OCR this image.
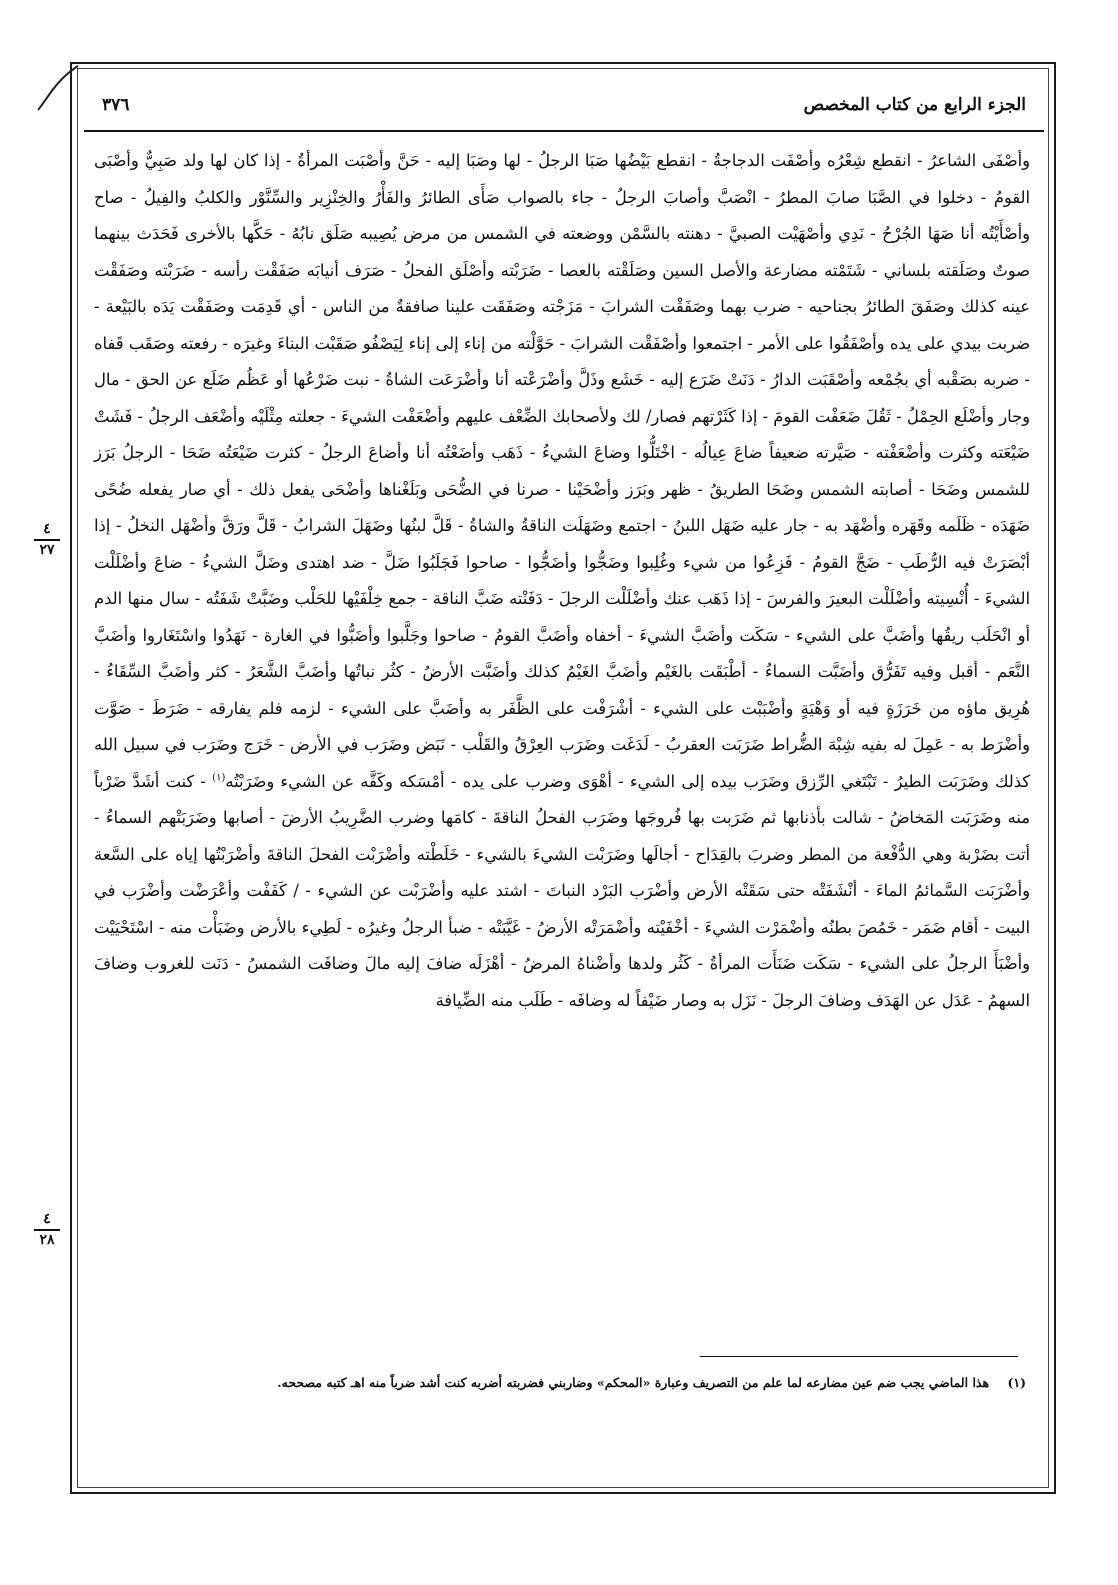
٣٧٦	الجزء الرابع من كتاب المخصص

وأصْفَى الشاعرُ - انقطع شِعْرُه وأصْفَت الدجاجةُ - انقطع بَيْضُها صَبَا الرجلُ - لها وصَبَا إليه - حَنَّ وأصْبَت المرأةُ - إذا كان لها ولد صَبِيٌّ وأصْبَى القومُ - دخلوا في الصَّبَا صابَ المطرُ - انْصَبَّ وأصابَ الرجلُ - جاء بالصواب صَأَى الطائرُ والفَأْرُ والخِنْزِير والسِّنَّوْر والكلبُ والفِيلُ - صاح وأصْأَيْتُه أنا صَهَا الجُرْحُ - نَدِي وأصْهَيْت الصبيَّ - دهنته بالسَّمْن ووضعته في الشمس من مرض يُصِيبه صَلَق نابُهُ - حَكَّها بالأخرى فَحَدَث بينهما صوتٌ وصَلَقته بلساني - شَتَمْته مضارعة والأصل السين وصَلَقْته بالعصا - ضَرَبْته وأصْلَق الفحلُ - صَرَف أنيابَه صَفَقْت رأسه - ضَرَبْته وصَفَقْت عينه كذلك وصَفَقَ الطائرُ بجناحيه - ضرب بهما وصَفَقْت الشرابَ - مَزَجْته وصَفَقَت علينا صافقةٌ من الناس - أي قَدِمَت وصَفَقْت يَدَه بالبَيْعة - ضربت بيدي على يده وأصْفَقُوا على الأمر - اجتمعوا وأصْفَقْت الشرابَ - حَوَّلْته من إناء إلى إناء لِيَصْفُو صَقَبْت البناءَ وغيرَه - رفعته وصَقَب قَفاه - ضربه بصَقْبه أي بجُمْعه وأصْقَبَت الدارُ - دَنَتْ ضَرَع إليه - خَشَع وذَلَّ وأضْرَعْته أنا وأضْرَعَت الشاةُ - نبت ضَرْعُها أو عَظُم ضَلَع عن الحق - مال وجار وأضْلَع الحِمْلُ - ثَقُلَ ضَعَفْت القومَ - إذا كَثَرْتهم فصار/ لك ولأصحابك الضِّعْف عليهم وأضْعَفْت الشيءَ - جعلته مِثْلَيْه وأضْعَف الرجلُ - فَشَتْ ضَيْعَته وكثرت وأضْعَفْته - صَيَّرته ضعيفاً ضاعَ عِيالُه - اخْتَلُّوا وضاعَ الشيءُ - ذَهَب وأضَعْتُه أنا وأضاعَ الرجلُ - كثرت ضَيْعَتُه ضَحَا - الرجلُ بَرَز للشمس وضَحَا - أصابته الشمس وضَحَا الطريقُ - ظهر وبَرَز وأضْحَيْنا - صرنا في الضُّحَى وبَلَغْناها وأضْحَى يفعل ذلك - أي صار يفعله ضُحًى ضَهَدَه - ظَلَمه وقَهَره وأضْهَد به - جار عليه ضَهَل اللبنُ - اجتمع وضَهَلَت الناقةُ والشاةُ - قَلَّ لبنُها وضَهَلَ الشرابُ - قَلَّ ورَقَّ وأضْهَل النخلُ - إذا أبْصَرَتْ فيه الرُّطَب - ضَجَّ القومُ - فَزِعُوا من شيء وغُلِبوا وضَجُّوا وأضَجُّوا - صاحوا فَجَلَبُوا ضَلَّ - ضد اهتدى وضَلَّ الشيءُ - ضاعَ وأضْلَلْت الشيءَ - أُنْسِيته وأضْلَلْت البعيرَ والفرسَ - إذا ذَهَب عنك وأضْلَلْت الرجلَ - دَفَنْته ضَبَّ الناقة - جمع خِلْفَيْها للحَلْب وضَبَّتْ شَفَتُه - سال منها الدم أو انْحَلَب ريقُها وأضَبَّ على الشيء - سَكَت وأضَبَّ الشيءَ - أخفاه وأضَبَّ القومُ - صاحوا وجَلَّبوا وأضَبُّوا في الغارة - نَهَدُوا واسْتَغَاروا وأضَبَّ النَّعَم - أقبل وفيه تَفَرُّق وأضَبَّت السماءُ - أطْبَقَت بالغَيْم وأضَبَّ الغَيْمُ كذلك وأضَبَّت الأرضُ - كثُر نباتُها وأضَبَّ الشَّعَرُ - كثر وأضَبَّ السِّقَاءُ - هُرِيق ماؤه من خَرَزَةٍ فيه أو وَهْيَةٍ وأضْبَبْت على الشيء - أشْرَفْت على الظَّفَر به وأضَبَّ على الشيء - لزمه فلم يفارقه - ضَرَطَ - صَوَّت وأضْرَط به - عَمِلَ له بفيه شِبْهَ الضُّراط ضَرَبَت العقربُ - لَدَغَت وضَرَب العِرْقُ والقَلْب - نَبَض وضَرَب في الأرض - خَرَج وضَرَب في سبيل الله كذلك وضَرَبَت الطيرُ - تَبْتَغي الرِّزق وضَرَب بيده إلى الشيء - أهْوَى وضرب على يده - أمْسَكه وكَفَّه عن الشيء وضَرَبْتُه$^{(١)}$ - كنت أشَدَّ ضَرْباً منه وضَرَبَت المَخاضُ - شالت بأذنابها ثم ضَرَبت بها فُروجَها وضَرَب الفحلُ الناقةَ - كامَها وضرب الضَّرِيبُ الأرضَ - أصابها وضَرَبَتْهم السماءُ - أتت بضَرْبة وهي الدُّفْعة من المطر وضربَ بالقِدَاح - أجالَها وضَرَبْت الشيءَ بالشيء - خَلَطْته وأضْرَبْت الفحلَ الناقةَ وأضْرَبْتُها إياه على السَّعة وأضْرَبَت السَّمائمُ الماءَ - أنْشَفَتْه حتى سَقَتْه الأرض وأضْرَب البَرْد النباتَ - اشتد عليه وأضْرَبْت عن الشيء - / كَفَفْت وأعْرَضْت وأضْرَب في البيت - أقام ضَمَر - خَمُصَ بطنُه وأضْمَرْت الشيءَ - أخْفَيْته وأضْمَرَتْه الأرضُ - غَيَّبَتْه - ضبأ الرجلُ وغيرُه - لَطِيء بالأرض وضَبَأْت منه - اسْتَحْيَيْت وأضْبَأَ الرجلُ على الشيء - سَكَت ضَنَأَت المرأةُ - كَثُر ولدها وأضْناهُ المرضُ - أهْزَلَه ضافَ إليه مالَ وضافَت الشمسُ - دَنَت للغروب وضافَ السهمُ - عَدَل عن الهَدَف وضافَ الرجلَ - نَزَل به وصار ضَيْفاً له وضافَه - طَلَب منه الضِّيافة

٤
٢٧
٤
٢٨
(١) هذا الماضي يجب ضم عين مضارعه لما علم من التصريف وعبارة «المحكم» وضاربني فضربته أضربه كنت أشد ضرباً منه اهـ كتبه مصححه.
